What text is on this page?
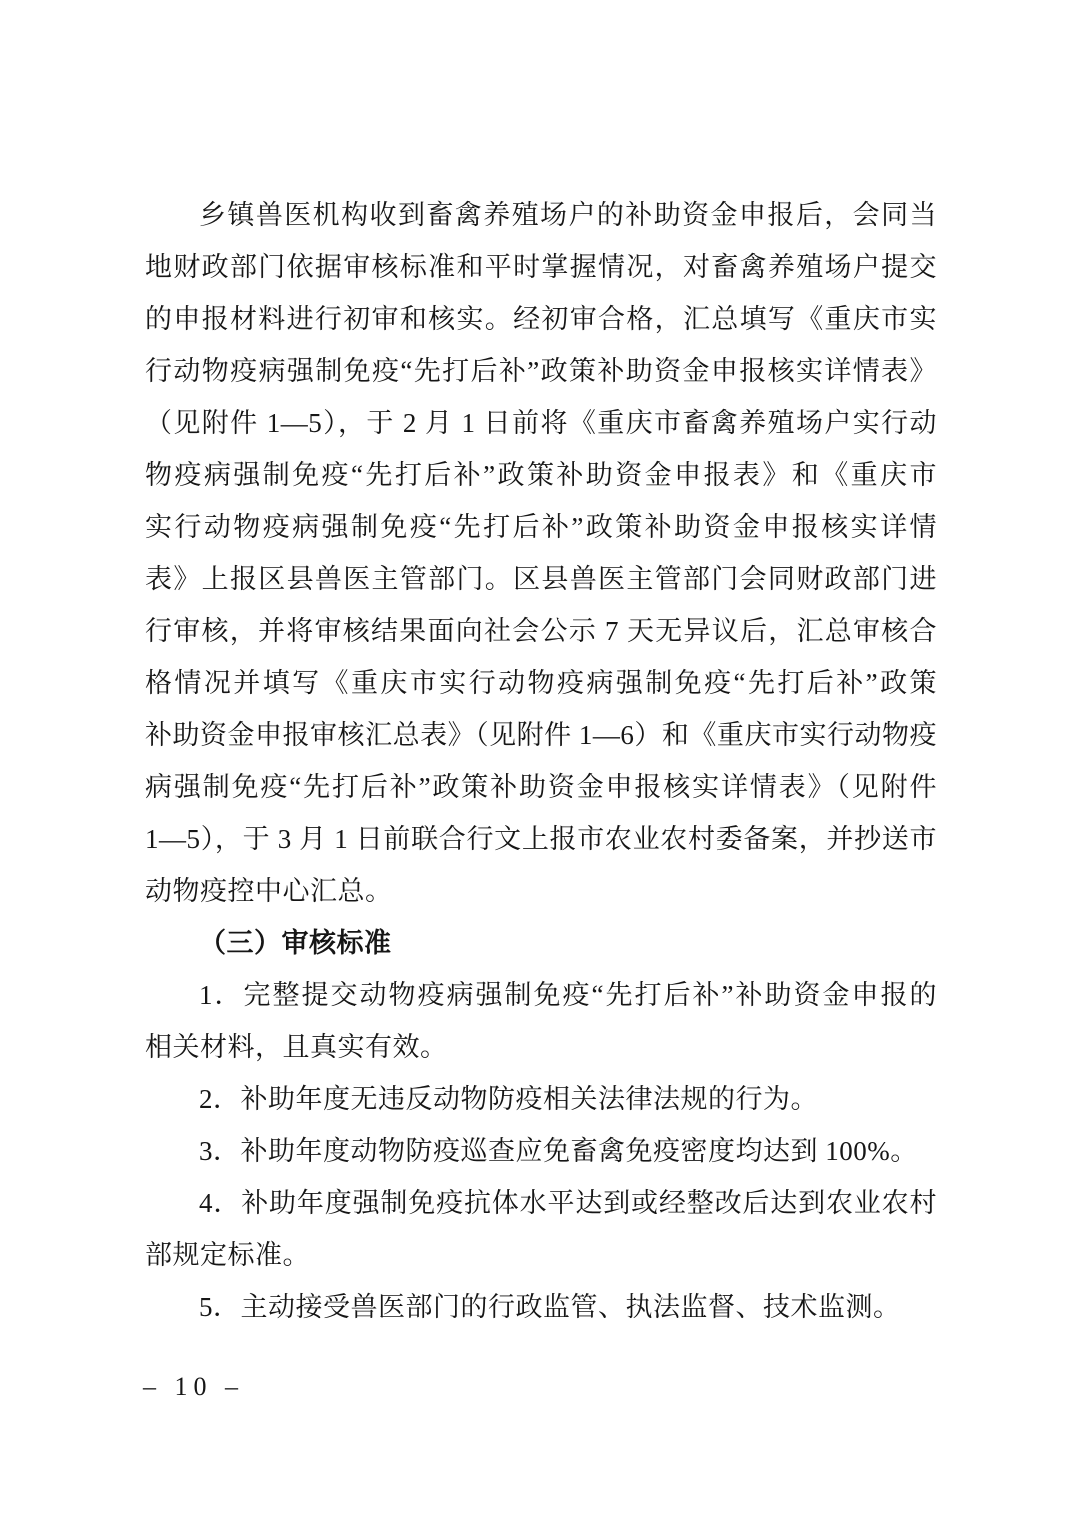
乡镇兽医机构收到畜禽养殖场户的补助资金申报后，会同当
地财政部门依据审核标准和平时掌握情况，对畜禽养殖场户提交
的申报材料进行初审和核实。经初审合格，汇总填写《重庆市实
行动物疫病强制免疫“先打后补”政策补助资金申报核实详情表》
（见附件 1—5），于 2 月 1 日前将《重庆市畜禽养殖场户实行动
物疫病强制免疫“先打后补”政策补助资金申报表》和《重庆市
实行动物疫病强制免疫“先打后补”政策补助资金申报核实详情
表》上报区县兽医主管部门。区县兽医主管部门会同财政部门进
行审核，并将审核结果面向社会公示 7 天无异议后，汇总审核合
格情况并填写《重庆市实行动物疫病强制免疫“先打后补”政策
补助资金申报审核汇总表》（见附件 1—6）和《重庆市实行动物疫
病强制免疫“先打后补”政策补助资金申报核实详情表》（见附件
1—5），于 3 月 1 日前联合行文上报市农业农村委备案，并抄送市
动物疫控中心汇总。
（三）审核标准
1．完整提交动物疫病强制免疫“先打后补”补助资金申报的
相关材料，且真实有效。
2．补助年度无违反动物防疫相关法律法规的行为。
3．补助年度动物防疫巡查应免畜禽免疫密度均达到 100%。
4．补助年度强制免疫抗体水平达到或经整改后达到农业农村
部规定标准。
5．主动接受兽医部门的行政监管、执法监督、技术监测。
– 10 –
